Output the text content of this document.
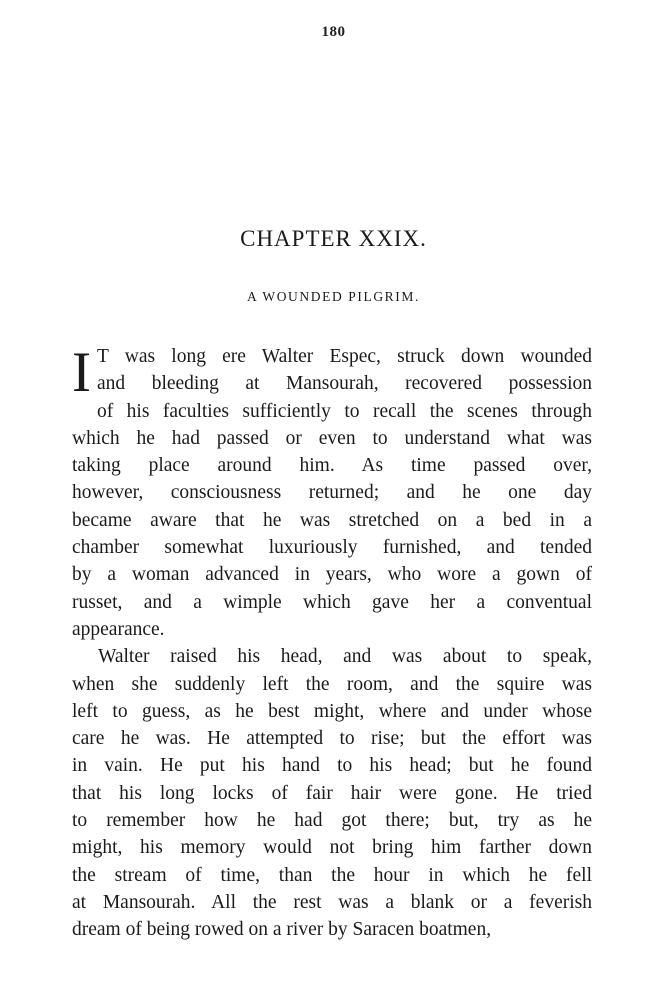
180
CHAPTER XXIX.
A WOUNDED PILGRIM.
I T was long ere Walter Espec, struck down wounded
and bleeding at Mansourah, recovered possession
of his faculties sufficiently to recall the scenes through
which he had passed or even to understand what was
taking place around him. As time passed over,
however, consciousness returned; and he one day
became aware that he was stretched on a bed in a
chamber somewhat luxuriously furnished, and tended
by a woman advanced in years, who wore a gown of
russet, and a wimple which gave her a conventual
appearance.
Walter raised his head, and was about to speak,
when she suddenly left the room, and the squire was
left to guess, as he best might, where and under whose
care he was. He attempted to rise; but the effort was
in vain. He put his hand to his head; but he found
that his long locks of fair hair were gone. He tried
to remember how he had got there; but, try as he
might, his memory would not bring him farther down
the stream of time, than the hour in which he fell
at Mansourah. All the rest was a blank or a feverish
dream of being rowed on a river by Saracen boatmen,
